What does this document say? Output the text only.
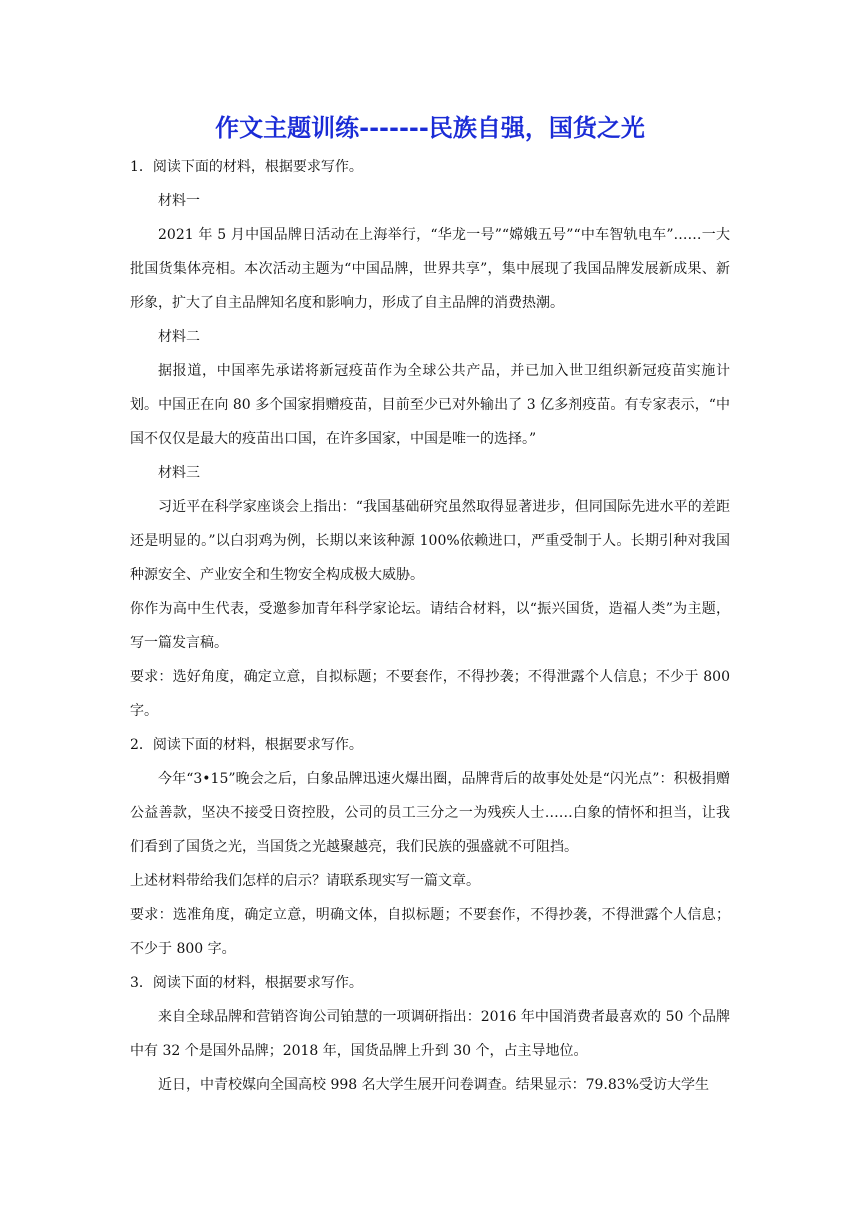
作文主题训练-------民族自强，国货之光

1．阅读下面的材料，根据要求写作。

材料一

2021 年 5 月中国品牌日活动在上海举行，“华龙一号”“嫦娥五号”“中车智轨电车”……一大批国货集体亮相。本次活动主题为“中国品牌，世界共享”，集中展现了我国品牌发展新成果、新形象，扩大了自主品牌知名度和影响力，形成了自主品牌的消费热潮。

材料二

据报道，中国率先承诺将新冠疫苗作为全球公共产品，并已加入世卫组织新冠疫苗实施计划。中国正在向 80 多个国家捐赠疫苗，目前至少已对外输出了 3 亿多剂疫苗。有专家表示，“中国不仅仅是最大的疫苗出口国，在许多国家，中国是唯一的选择。”

材料三

习近平在科学家座谈会上指出：“我国基础研究虽然取得显著进步，但同国际先进水平的差距还是明显的。”以白羽鸡为例，长期以来该种源 100%依赖进口，严重受制于人。长期引种对我国种源安全、产业安全和生物安全构成极大威胁。

你作为高中生代表，受邀参加青年科学家论坛。请结合材料，以“振兴国货，造福人类”为主题，写一篇发言稿。

要求：选好角度，确定立意，自拟标题；不要套作，不得抄袭；不得泄露个人信息；不少于 800 字。

2．阅读下面的材料，根据要求写作。

今年“3•15”晚会之后，白象品牌迅速火爆出圈，品牌背后的故事处处是“闪光点”：积极捐赠公益善款，坚决不接受日资控股，公司的员工三分之一为残疾人士……白象的情怀和担当，让我们看到了国货之光，当国货之光越聚越亮，我们民族的强盛就不可阻挡。

上述材料带给我们怎样的启示？请联系现实写一篇文章。

要求：选准角度，确定立意，明确文体，自拟标题；不要套作，不得抄袭，不得泄露个人信息；不少于 800 字。

3．阅读下面的材料，根据要求写作。

来自全球品牌和营销咨询公司铂慧的一项调研指出：2016 年中国消费者最喜欢的 50 个品牌中有 32 个是国外品牌；2018 年，国货品牌上升到 30 个，占主导地位。

近日，中青校媒向全国高校 998 名大学生展开问卷调查。结果显示：79.83%受访大学生
